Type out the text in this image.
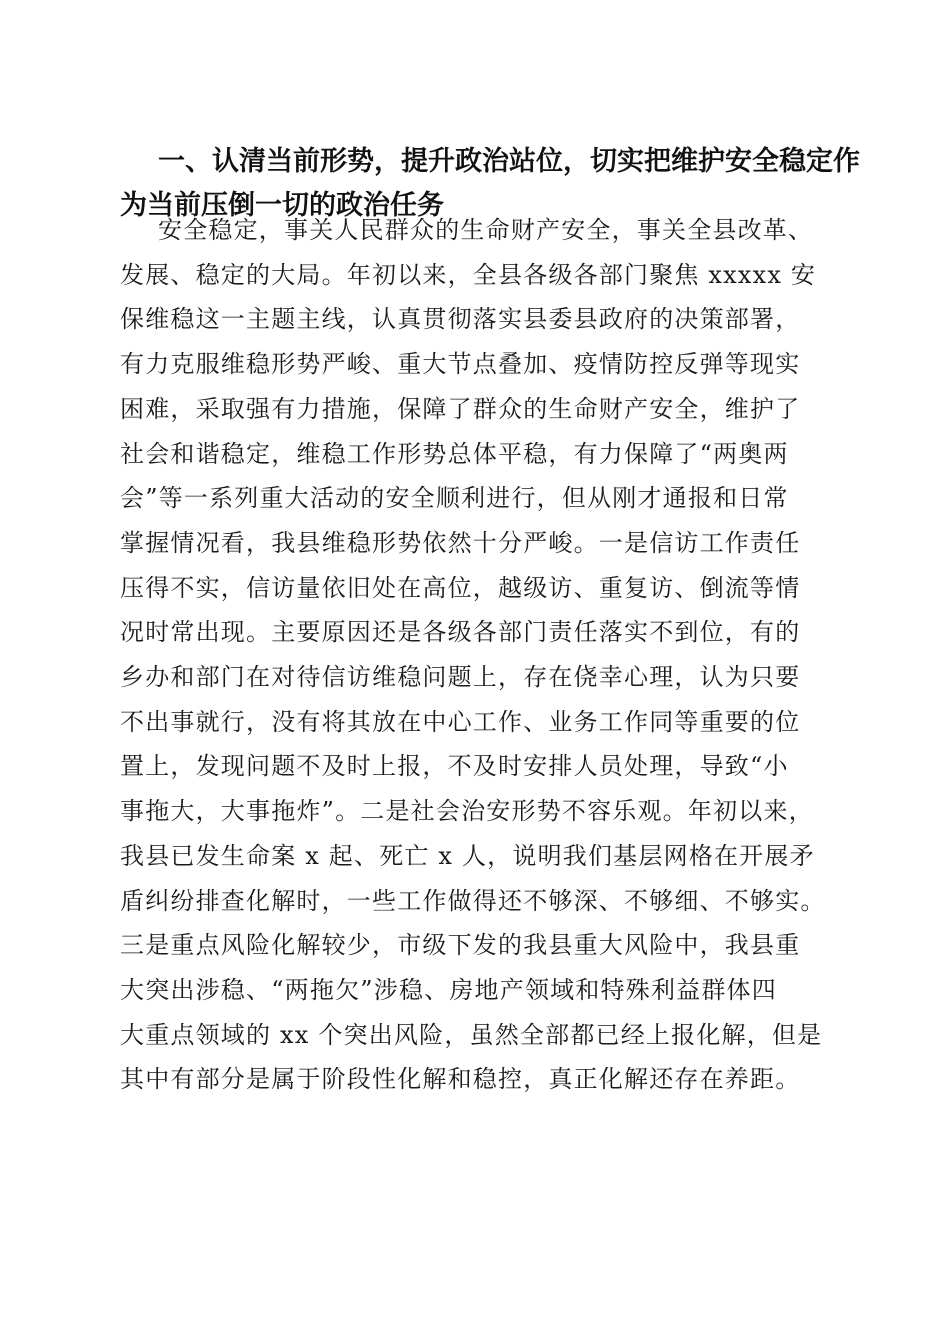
一、认清当前形势，提升政治站位，切实把维护安全稳定作
为当前压倒一切的政治任务
安全稳定，事关人民群众的生命财产安全，事关全县改革、
发展、稳定的大局。年初以来，全县各级各部门聚焦 xxxxx 安
保维稳这一主题主线，认真贯彻落实县委县政府的决策部署，
有力克服维稳形势严峻、重大节点叠加、疫情防控反弹等现实
困难，采取强有力措施，保障了群众的生命财产安全，维护了
社会和谐稳定，维稳工作形势总体平稳，有力保障了“两奥两
会”等一系列重大活动的安全顺利进行，但从刚才通报和日常
掌握情况看，我县维稳形势依然十分严峻。一是信访工作责任
压得不实，信访量依旧处在高位，越级访、重复访、倒流等情
况时常出现。主要原因还是各级各部门责任落实不到位，有的
乡办和部门在对待信访维稳问题上，存在侥幸心理，认为只要
不出事就行，没有将其放在中心工作、业务工作同等重要的位
置上，发现问题不及时上报，不及时安排人员处理，导致“小
事拖大，大事拖炸”。二是社会治安形势不容乐观。年初以来，
我县已发生命案 x 起、死亡 x 人，说明我们基层网格在开展矛
盾纠纷排查化解时，一些工作做得还不够深、不够细、不够实。
三是重点风险化解较少，市级下发的我县重大风险中，我县重
大突出涉稳、“两拖欠”涉稳、房地产领域和特殊利益群体四
大重点领域的 xx 个突出风险，虽然全部都已经上报化解，但是
其中有部分是属于阶段性化解和稳控，真正化解还存在养距。
